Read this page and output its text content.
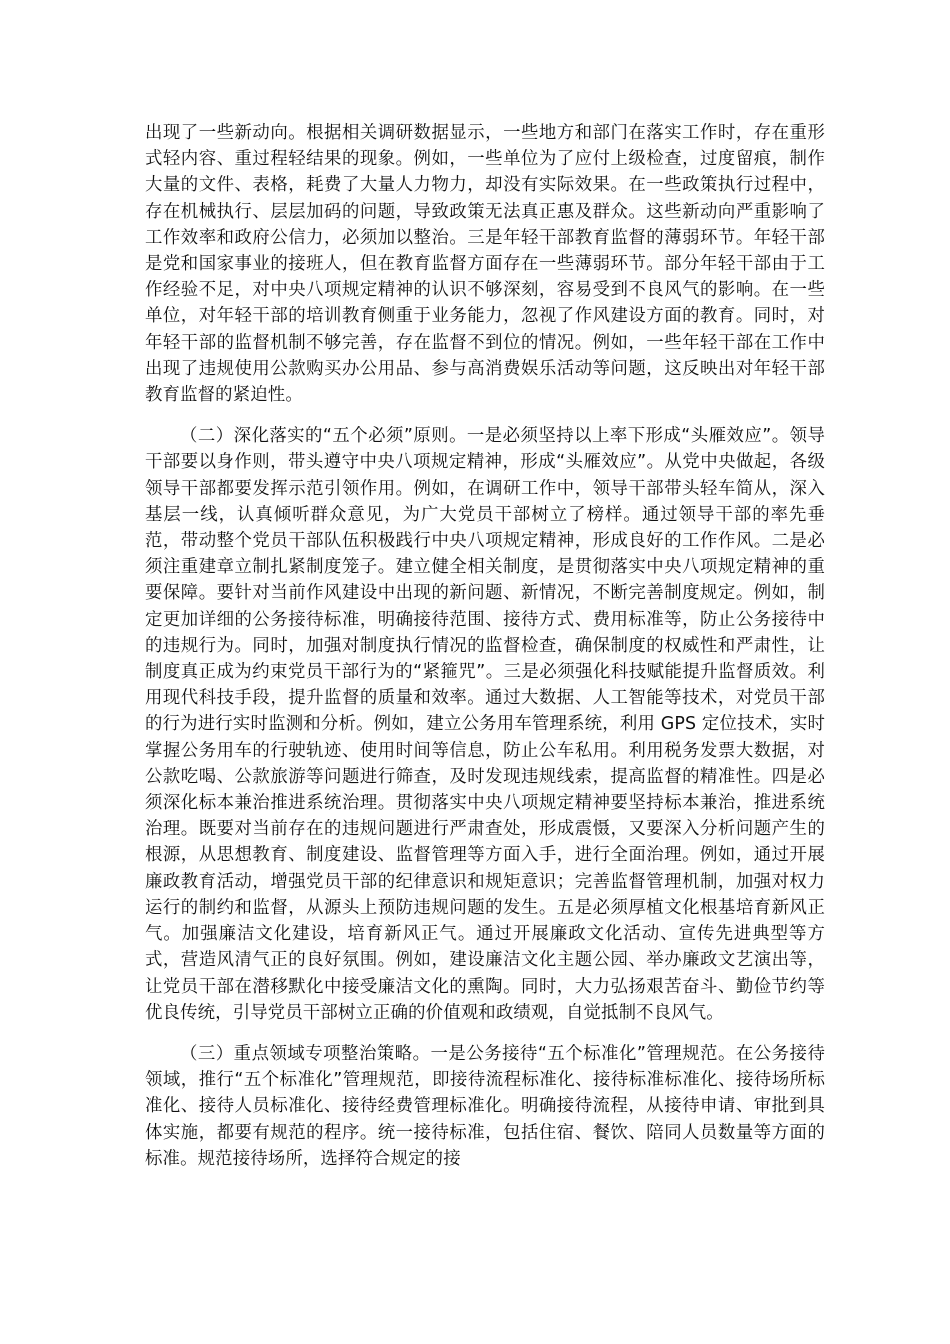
出现了一些新动向。根据相关调研数据显示，一些地方和部门在落实工作时，存在重形式轻内容、重过程轻结果的现象。例如，一些单位为了应付上级检查，过度留痕，制作大量的文件、表格，耗费了大量人力物力，却没有实际效果。在一些政策执行过程中，存在机械执行、层层加码的问题，导致政策无法真正惠及群众。这些新动向严重影响了工作效率和政府公信力，必须加以整治。三是年轻干部教育监督的薄弱环节。年轻干部是党和国家事业的接班人，但在教育监督方面存在一些薄弱环节。部分年轻干部由于工作经验不足，对中央八项规定精神的认识不够深刻，容易受到不良风气的影响。在一些单位，对年轻干部的培训教育侧重于业务能力，忽视了作风建设方面的教育。同时，对年轻干部的监督机制不够完善，存在监督不到位的情况。例如，一些年轻干部在工作中出现了违规使用公款购买办公用品、参与高消费娱乐活动等问题，这反映出对年轻干部教育监督的紧迫性。

（二）深化落实的“五个必须”原则。一是必须坚持以上率下形成“头雁效应”。领导干部要以身作则，带头遵守中央八项规定精神，形成“头雁效应”。从党中央做起，各级领导干部都要发挥示范引领作用。例如，在调研工作中，领导干部带头轻车简从，深入基层一线，认真倾听群众意见，为广大党员干部树立了榜样。通过领导干部的率先垂范，带动整个党员干部队伍积极践行中央八项规定精神，形成良好的工作作风。二是必须注重建章立制扎紧制度笼子。建立健全相关制度，是贯彻落实中央八项规定精神的重要保障。要针对当前作风建设中出现的新问题、新情况，不断完善制度规定。例如，制定更加详细的公务接待标准，明确接待范围、接待方式、费用标准等，防止公务接待中的违规行为。同时，加强对制度执行情况的监督检查，确保制度的权威性和严肃性，让制度真正成为约束党员干部行为的“紧箍咒”。三是必须强化科技赋能提升监督质效。利用现代科技手段，提升监督的质量和效率。通过大数据、人工智能等技术，对党员干部的行为进行实时监测和分析。例如，建立公务用车管理系统，利用 GPS 定位技术，实时掌握公务用车的行驶轨迹、使用时间等信息，防止公车私用。利用税务发票大数据，对公款吃喝、公款旅游等问题进行筛查，及时发现违规线索，提高监督的精准性。四是必须深化标本兼治推进系统治理。贯彻落实中央八项规定精神要坚持标本兼治，推进系统治理。既要对当前存在的违规问题进行严肃查处，形成震慑，又要深入分析问题产生的根源，从思想教育、制度建设、监督管理等方面入手，进行全面治理。例如，通过开展廉政教育活动，增强党员干部的纪律意识和规矩意识；完善监督管理机制，加强对权力运行的制约和监督，从源头上预防违规问题的发生。五是必须厚植文化根基培育新风正气。加强廉洁文化建设，培育新风正气。通过开展廉政文化活动、宣传先进典型等方式，营造风清气正的良好氛围。例如，建设廉洁文化主题公园、举办廉政文艺演出等，让党员干部在潜移默化中接受廉洁文化的熏陶。同时，大力弘扬艰苦奋斗、勤俭节约等优良传统，引导党员干部树立正确的价值观和政绩观，自觉抵制不良风气。

（三）重点领域专项整治策略。一是公务接待“五个标准化”管理规范。在公务接待领域，推行“五个标准化”管理规范，即接待流程标准化、接待标准标准化、接待场所标准化、接待人员标准化、接待经费管理标准化。明确接待流程，从接待申请、审批到具体实施，都要有规范的程序。统一接待标准，包括住宿、餐饮、陪同人员数量等方面的标准。规范接待场所，选择符合规定的接
